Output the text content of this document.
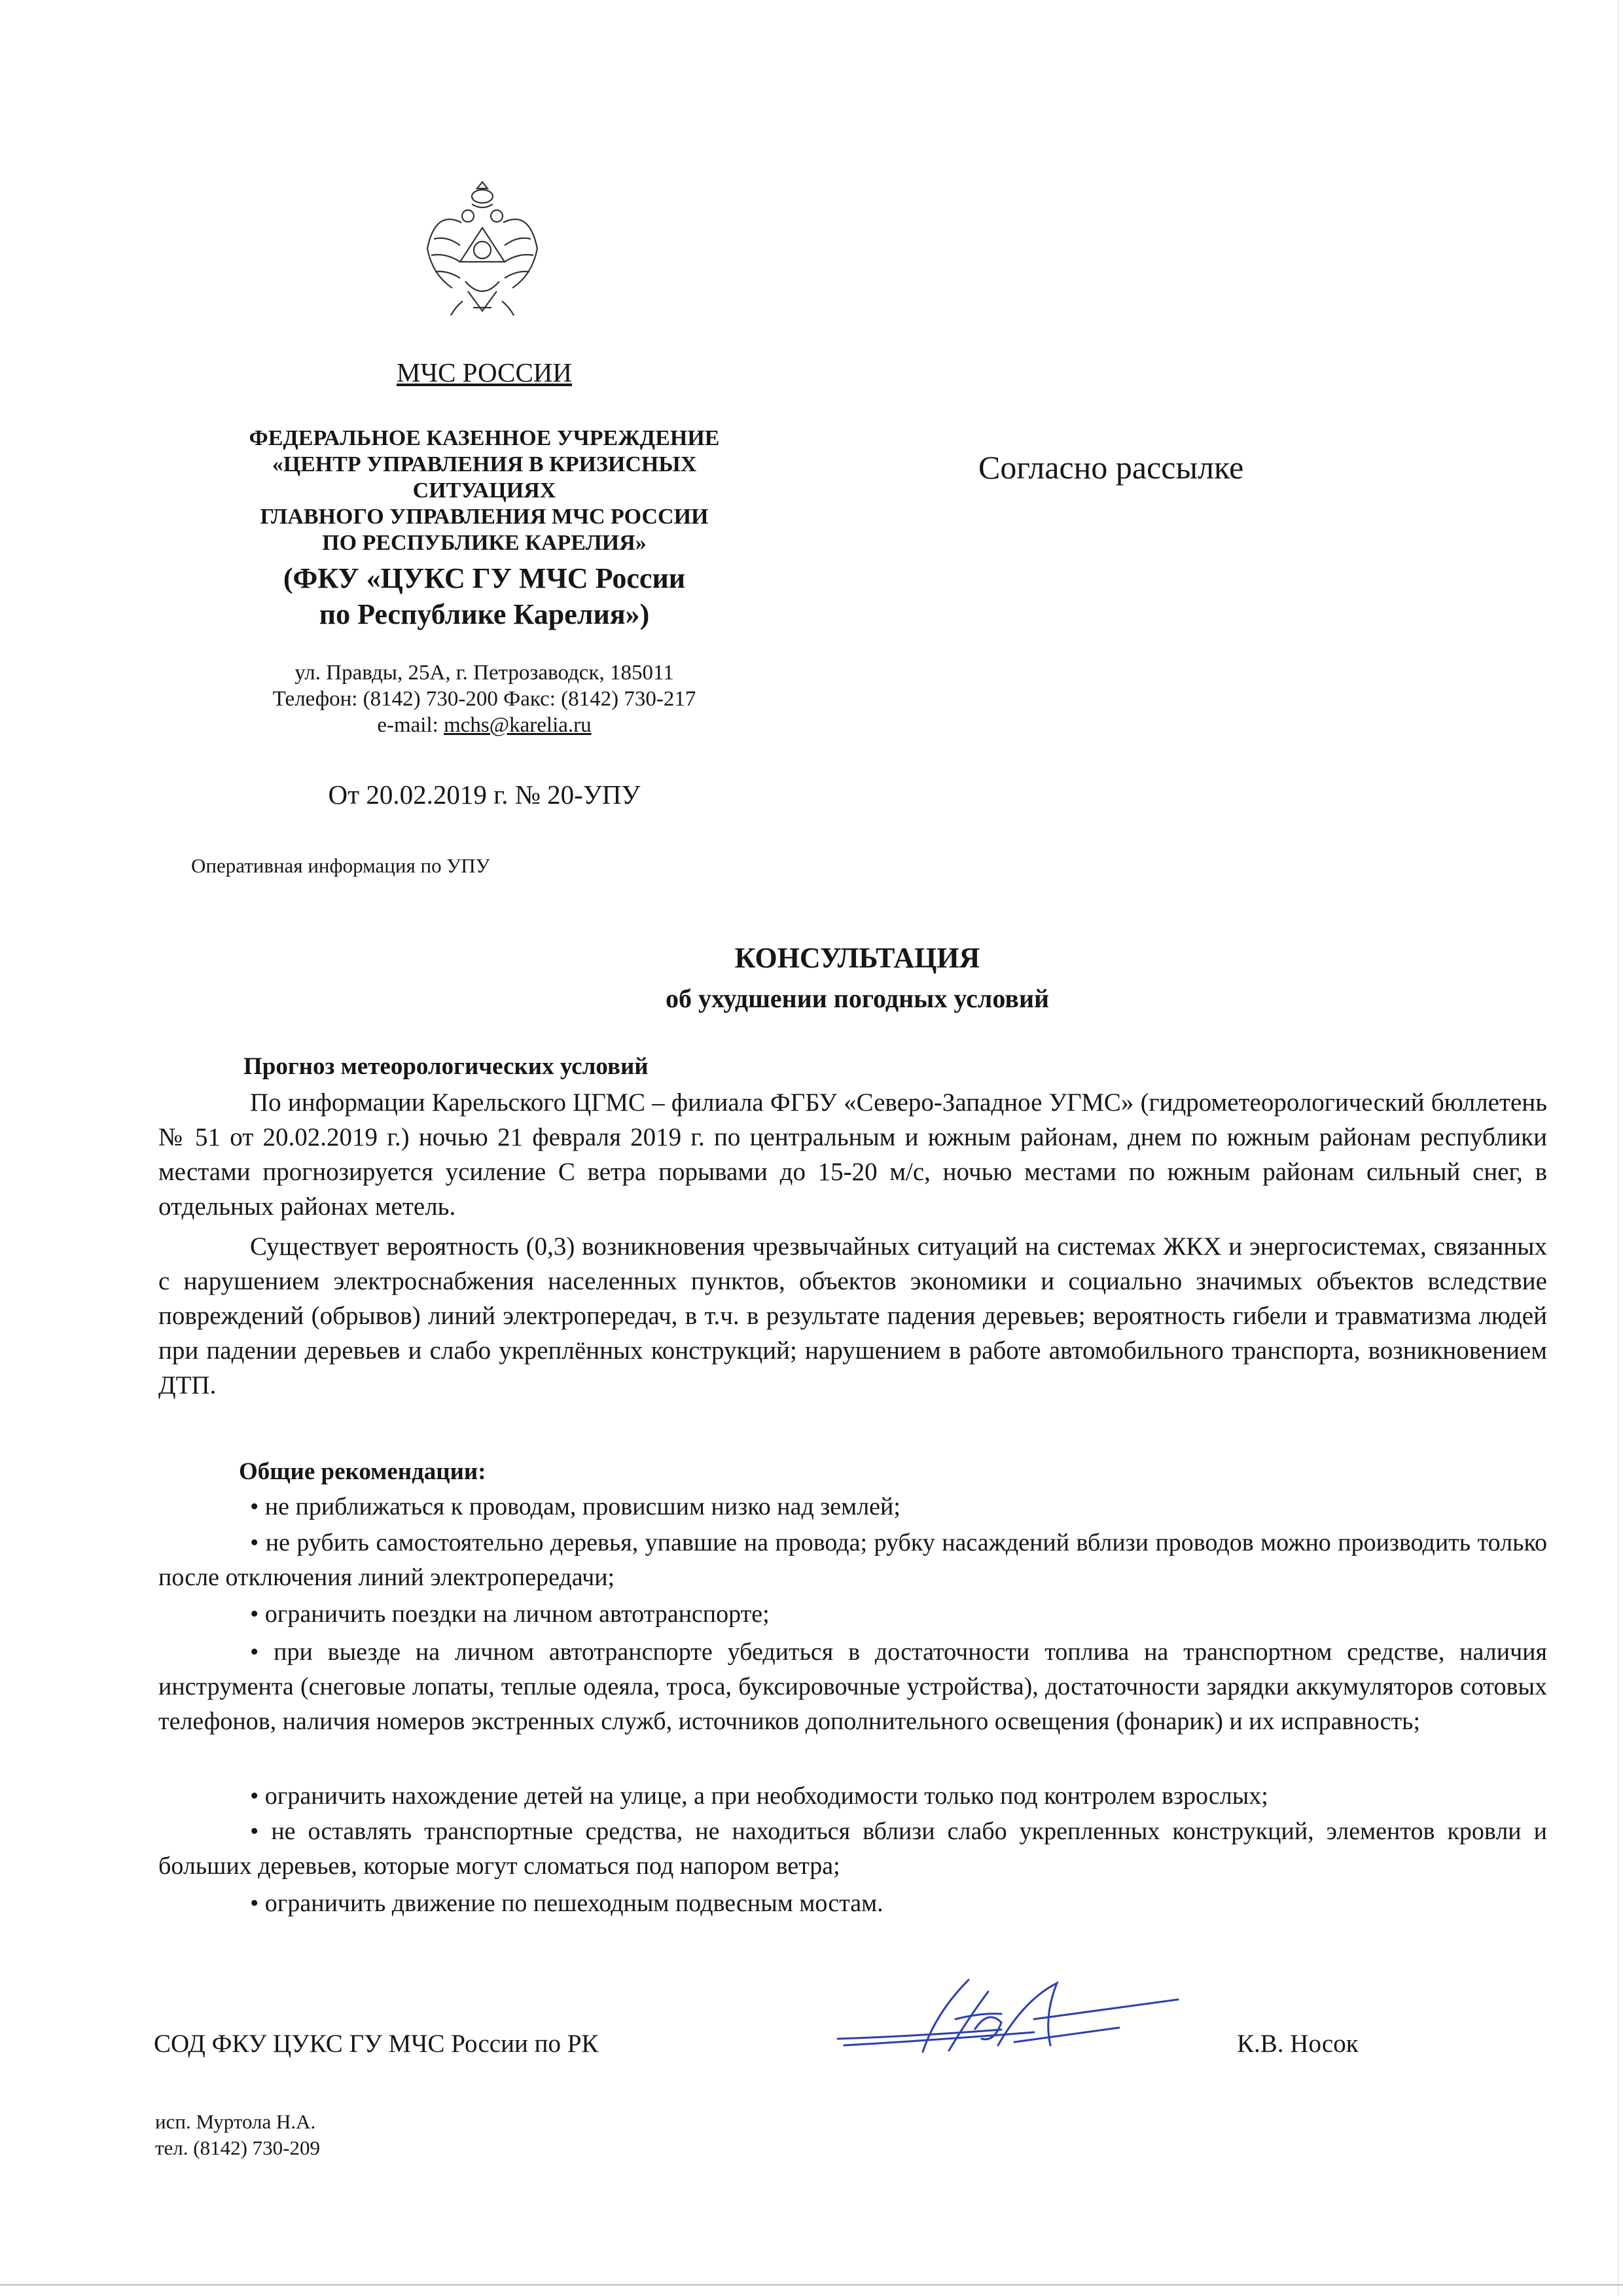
МЧС РОССИИ
ФЕДЕРАЛЬНОЕ КАЗЕННОЕ УЧРЕЖДЕНИЕ
«ЦЕНТР УПРАВЛЕНИЯ В КРИЗИСНЫХ
СИТУАЦИЯХ
ГЛАВНОГО УПРАВЛЕНИЯ МЧС РОССИИ
ПО РЕСПУБЛИКЕ КАРЕЛИЯ»
(ФКУ «ЦУКС ГУ МЧС России
по Республике Карелия»)
ул. Правды, 25А, г. Петрозаводск, 185011
Телефон: (8142) 730-200 Факс: (8142) 730-217
e-mail: mchs@karelia.ru
От 20.02.2019 г. № 20-УПУ
Оперативная информация по УПУ
Согласно рассылке
КОНСУЛЬТАЦИЯ
об ухудшении погодных условий
Прогноз метеорологических условий

По информации Карельского ЦГМС – филиала ФГБУ «Северо-Западное УГМС» (гидрометеорологический бюллетень № 51 от 20.02.2019 г.) ночью 21 февраля 2019 г. по центральным и южным районам, днем по южным районам республики местами прогнозируется усиление С ветра порывами до 15-20 м/с, ночью местами по южным районам сильный снег, в отдельных районах метель.

Существует вероятность (0,3) возникновения чрезвычайных ситуаций на системах ЖКХ и энергосистемах, связанных с нарушением электроснабжения населенных пунктов, объектов экономики и социально значимых объектов вследствие повреждений (обрывов) линий электропередач, в т.ч. в результате падения деревьев; вероятность гибели и травматизма людей при падении деревьев и слабо укреплённых конструкций; нарушением в работе автомобильного транспорта, возникновением ДТП.

Общие рекомендации:

• не приближаться к проводам, провисшим низко над землей;

• не рубить самостоятельно деревья, упавшие на провода; рубку насаждений вблизи проводов можно производить только после отключения линий электропередачи;

• ограничить поездки на личном автотранспорте;

• при выезде на личном автотранспорте убедиться в достаточности топлива на транспортном средстве, наличия инструмента (снеговые лопаты, теплые одеяла, троса, буксировочные устройства), достаточности зарядки аккумуляторов сотовых телефонов, наличия номеров экстренных служб, источников дополнительного освещения (фонарик) и их исправность;

• ограничить нахождение детей на улице, а при необходимости только под контролем взрослых;

• не оставлять транспортные средства, не находиться вблизи слабо укрепленных конструкций, элементов кровли и больших деревьев, которые могут сломаться под напором ветра;

• ограничить движение по пешеходным подвесным мостам.

СОД ФКУ ЦУКС ГУ МЧС России по РК	К.В. Носок
исп. Муртола Н.А.
тел. (8142) 730-209
